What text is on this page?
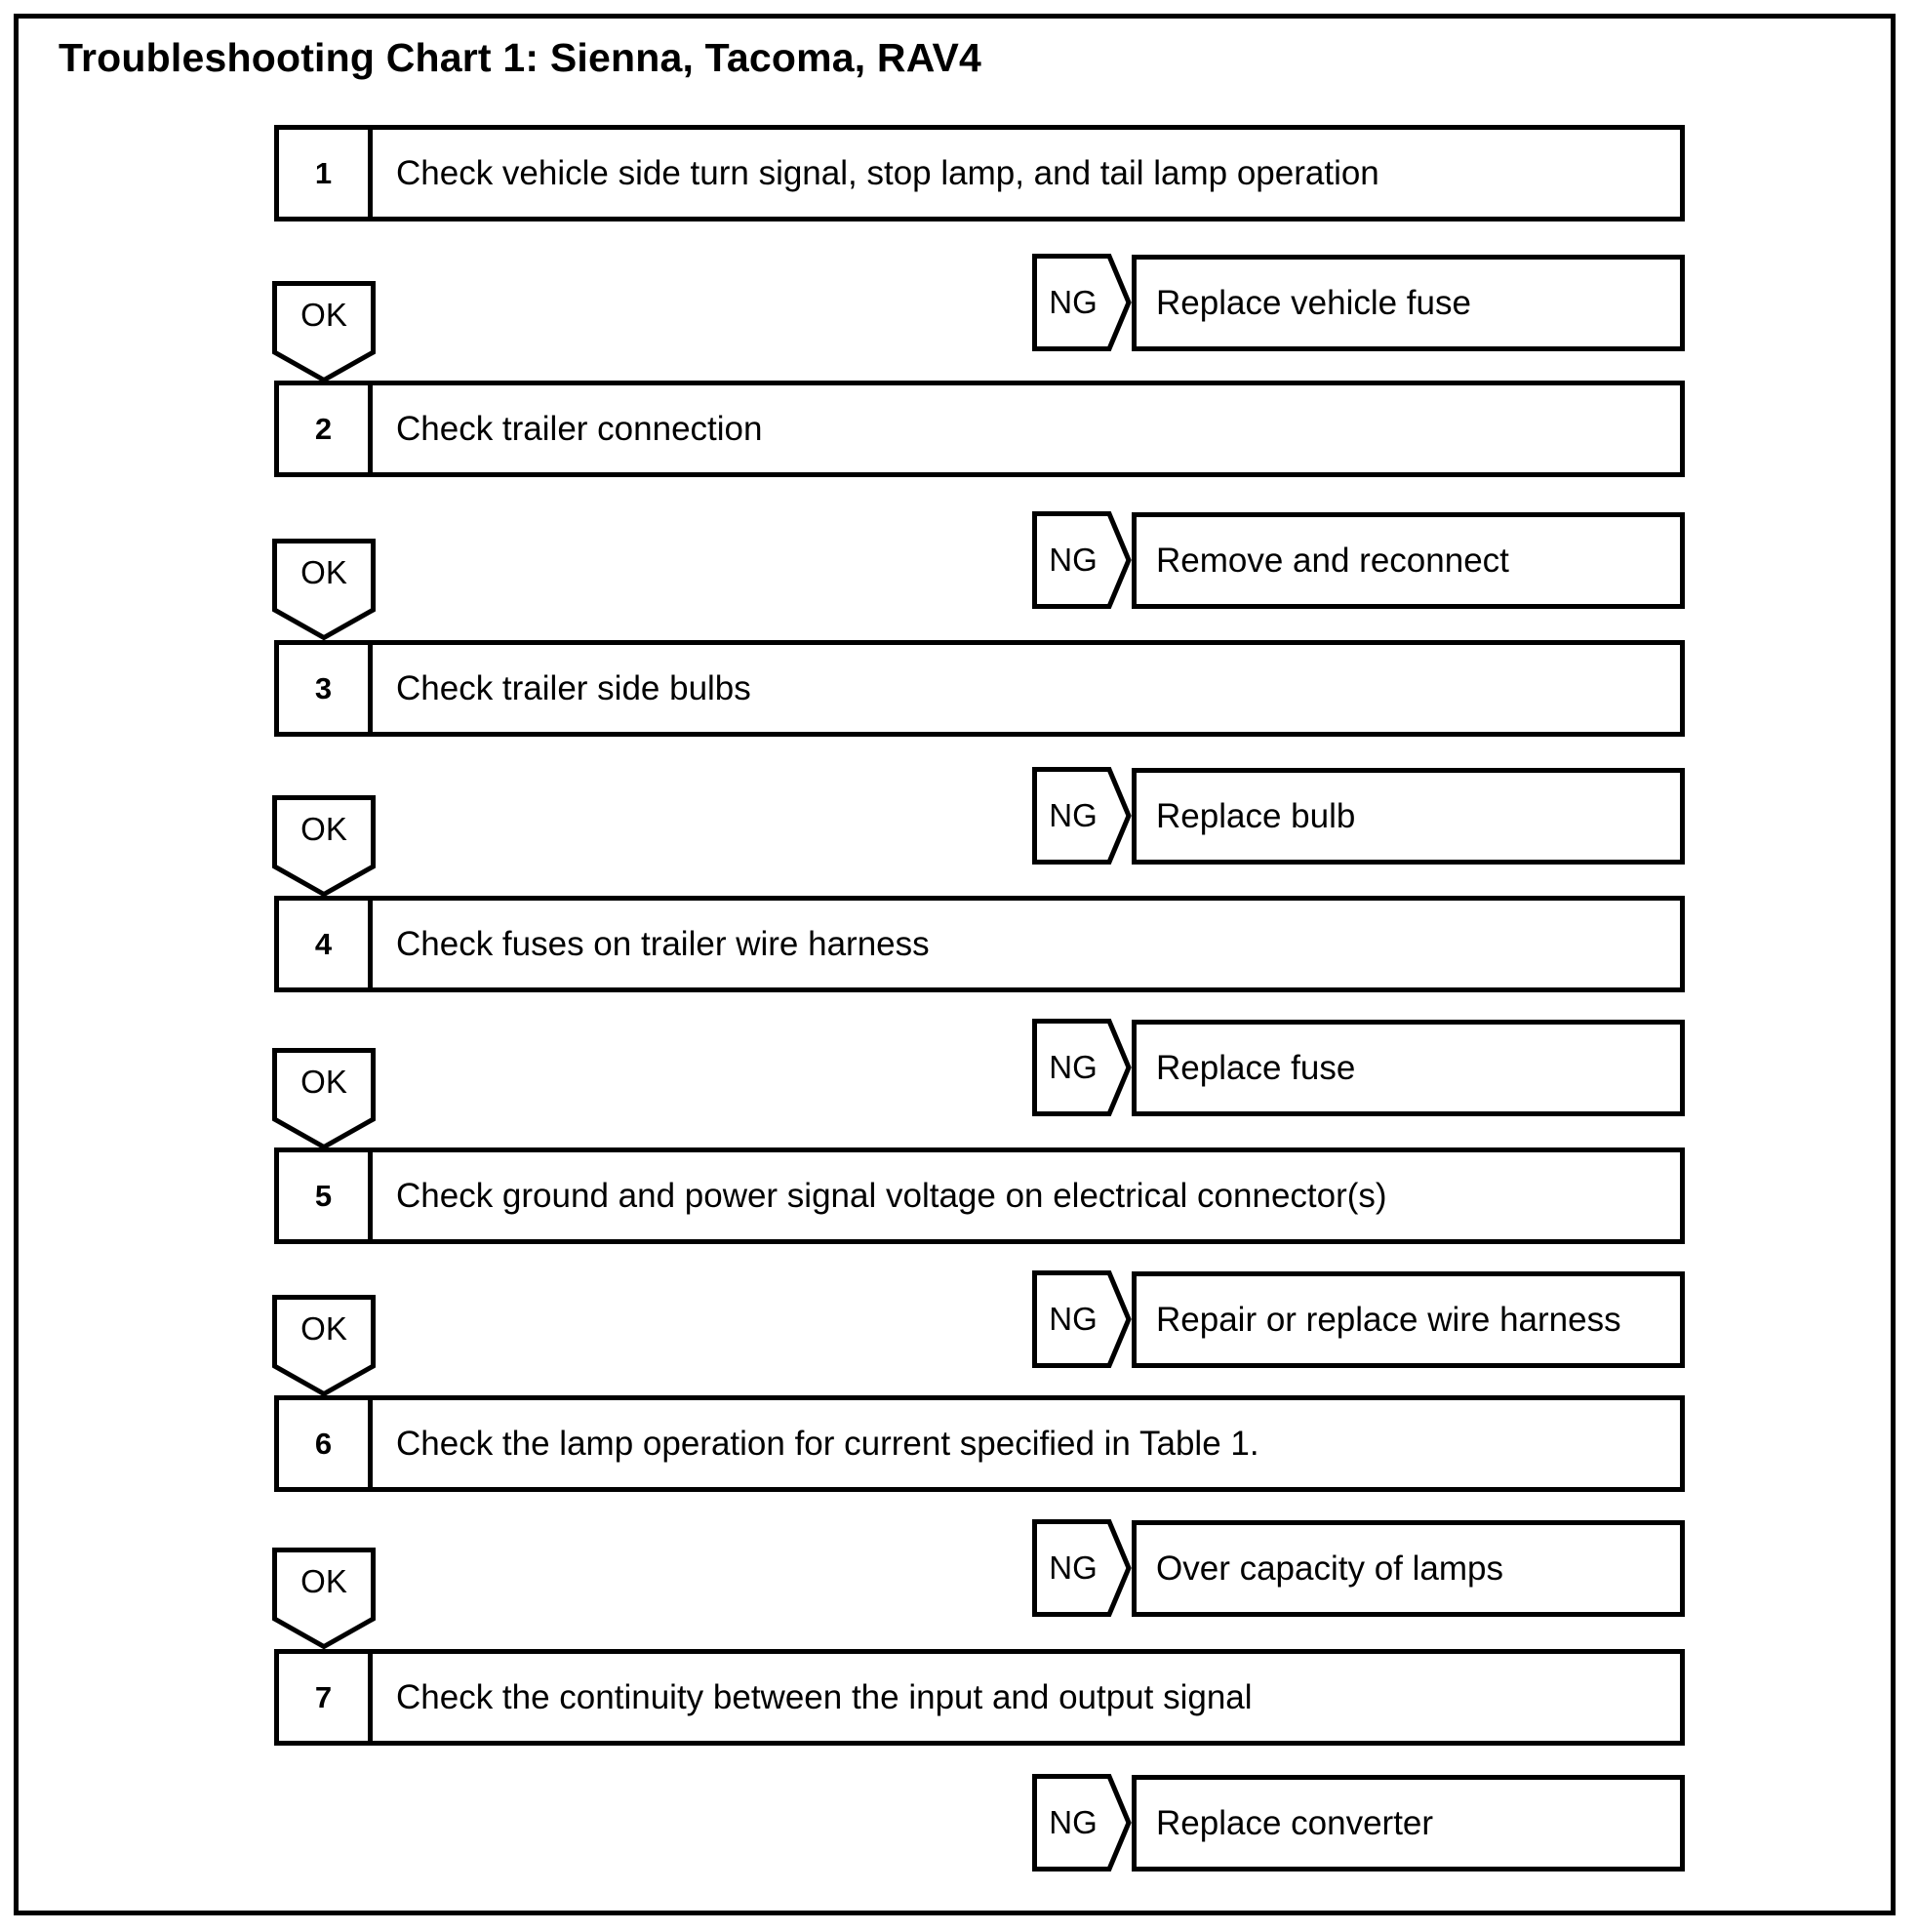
Troubleshooting Chart 1: Sienna, Tacoma, RAV4
1	Check vehicle side turn signal, stop lamp, and tail lamp operation
NG	Replace vehicle fuse
OK
2	Check trailer connection
NG	Remove and reconnect
OK
3	Check trailer side bulbs
NG	Replace bulb
OK
4	Check fuses on trailer wire harness
NG	Replace fuse
OK
5	Check ground and power signal voltage on electrical connector(s)
NG	Repair or replace wire harness
OK
6	Check the lamp operation for current specified in Table 1.
NG	Over capacity of lamps
OK
7	Check the continuity between the input and output signal
NG	Replace converter
